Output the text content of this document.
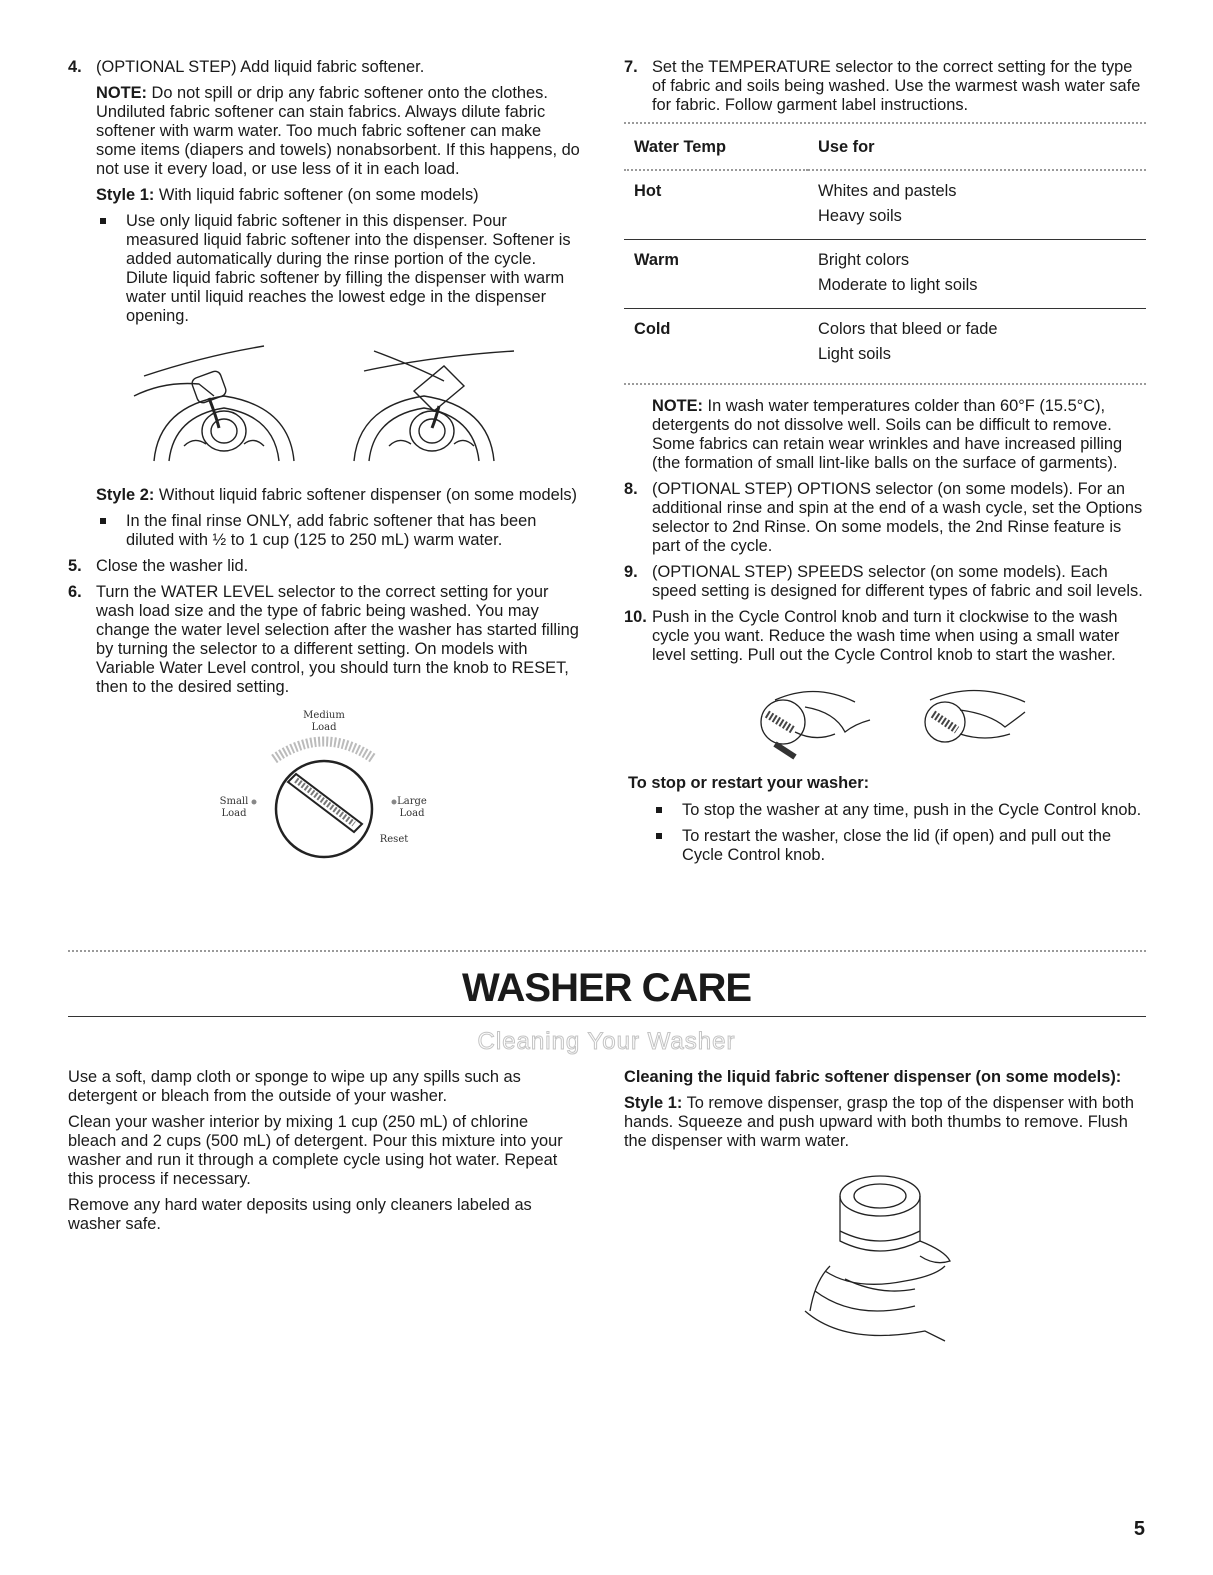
4. (OPTIONAL STEP) Add liquid fabric softener.

NOTE: Do not spill or drip any fabric softener onto the clothes. Undiluted fabric softener can stain fabrics. Always dilute fabric softener with warm water. Too much fabric softener can make some items (diapers and towels) nonabsorbent. If this happens, do not use it every load, or use less of it in each load.

Style 1: With liquid fabric softener (on some models)

Use only liquid fabric softener in this dispenser. Pour measured liquid fabric softener into the dispenser. Softener is added automatically during the rinse portion of the cycle. Dilute liquid fabric softener by filling the dispenser with warm water until liquid reaches the lowest edge in the dispenser opening.

Style 2: Without liquid fabric softener dispenser (on some models)

In the final rinse ONLY, add fabric softener that has been diluted with ½ to 1 cup (125 to 250 mL) warm water.

5. Close the washer lid.

6. Turn the WATER LEVEL selector to the correct setting for your wash load size and the type of fabric being washed. You may change the water level selection after the washer has started filling by turning the selector to a different setting. On models with Variable Water Level control, you should turn the knob to RESET, then to the desired setting.

Medium
Load
Small
Load
Large
Load
Reset

7. Set the TEMPERATURE selector to the correct setting for the type of fabric and soils being washed. Use the warmest wash water safe for fabric. Follow garment label instructions.

Water Temp	Use for
Hot	Whites and pastels
Heavy soils

Warm	Bright colors
Moderate to light soils

Cold	Colors that bleed or fade
Light soils

NOTE: In wash water temperatures colder than 60°F (15.5°C), detergents do not dissolve well. Soils can be difficult to remove. Some fabrics can retain wear wrinkles and have increased pilling (the formation of small lint-like balls on the surface of garments).

8. (OPTIONAL STEP) OPTIONS selector (on some models). For an additional rinse and spin at the end of a wash cycle, set the Options selector to 2nd Rinse. On some models, the 2nd Rinse feature is part of the cycle.

9. (OPTIONAL STEP) SPEEDS selector (on some models). Each speed setting is designed for different types of fabric and soil levels.

10. Push in the Cycle Control knob and turn it clockwise to the wash cycle you want. Reduce the wash time when using a small water level setting. Pull out the Cycle Control knob to start the washer.

To stop or restart your washer:

To stop the washer at any time, push in the Cycle Control knob.

To restart the washer, close the lid (if open) and pull out the Cycle Control knob.

WASHER CARE
Cleaning Your Washer

Use a soft, damp cloth or sponge to wipe up any spills such as detergent or bleach from the outside of your washer.

Clean your washer interior by mixing 1 cup (250 mL) of chlorine bleach and 2 cups (500 mL) of detergent. Pour this mixture into your washer and run it through a complete cycle using hot water. Repeat this process if necessary.

Remove any hard water deposits using only cleaners labeled as washer safe.

Cleaning the liquid fabric softener dispenser (on some models):

Style 1: To remove dispenser, grasp the top of the dispenser with both hands. Squeeze and push upward with both thumbs to remove. Flush the dispenser with warm water.

5
